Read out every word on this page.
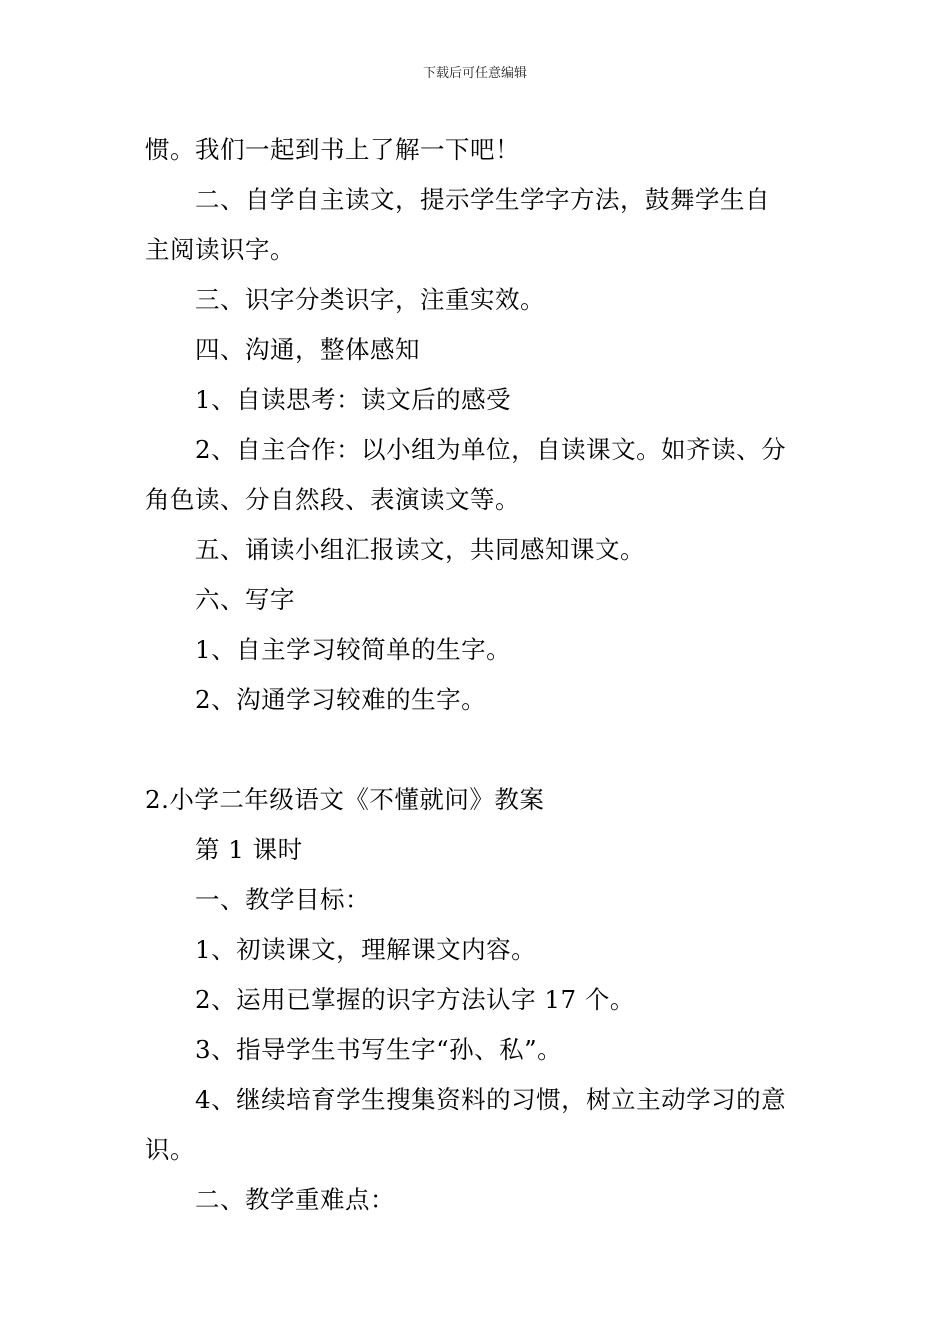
下载后可任意编辑
惯。我们一起到书上了解一下吧！
二、自学自主读文，提示学生学字方法，鼓舞学生自
主阅读识字。
三、识字分类识字，注重实效。
四、沟通，整体感知
1、自读思考：读文后的感受
2、自主合作：以小组为单位，自读课文。如齐读、分
角色读、分自然段、表演读文等。
五、诵读小组汇报读文，共同感知课文。
六、写字
1、自主学习较简单的生字。
2、沟通学习较难的生字。
2.小学二年级语文《不懂就问》教案
第 1 课时
一、教学目标：
1、初读课文，理解课文内容。
2、运用已掌握的识字方法认字 17 个。
3、指导学生书写生字“孙、私”。
4、继续培育学生搜集资料的习惯，树立主动学习的意
识。
二、教学重难点：
